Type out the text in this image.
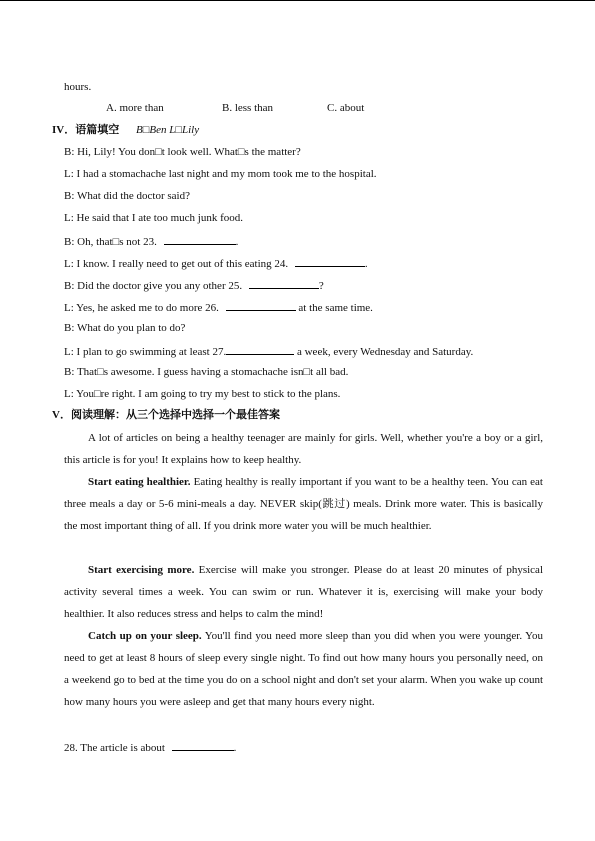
hours.
A. more than	B. less than	C. about
IV．语篇填空 B□Ben L□Lily
B: Hi, Lily! You don□t look well. What□s the matter?
L: I had a stomachache last night and my mom took me to the hospital.
B: What did the doctor said?
L: He said that I ate too much junk food.
B: Oh, that□s not 23.	.
L: I know. I really need to get out of this eating 24.	.
B: Did the doctor give you any other 25.	?
L: Yes, he asked me to do more 26.	at the same time.
B: What do you plan to do?
L: I plan to go swimming at least 27.	a week, every Wednesday and Saturday.
B: That□s awesome. I guess having a stomachache isn□t all bad.
L: You□re right. I am going to try my best to stick to the plans.
V．阅读理解：从三个选择中选择一个最佳答案
A lot of articles on being a healthy teenager are mainly for girls. Well, whether you're a boy or a girl, this article is for you! It explains how to keep healthy.
Start eating healthier. Eating healthy is really important if you want to be a healthy teen. You can eat three meals a day or 5-6 mini-meals a day. NEVER skip(跳过) meals. Drink more water. This is basically the most important thing of all. If you drink more water you will be much healthier.
Start exercising more. Exercise will make you stronger. Please do at least 20 minutes of physical activity several times a week. You can swim or run. Whatever it is, exercising will make your body healthier. It also reduces stress and helps to calm the mind!
Catch up on your sleep. You'll find you need more sleep than you did when you were younger. You need to get at least 8 hours of sleep every single night. To find out how many hours you personally need, on a weekend go to bed at the time you do on a school night and don't set your alarm. When you wake up count how many hours you were asleep and get that many hours every night.
28. The article is about	.
